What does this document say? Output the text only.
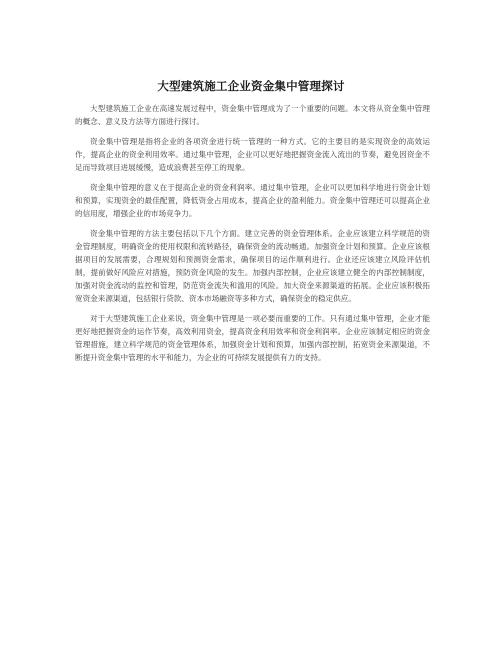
大型建筑施工企业资金集中管理探讨

大型建筑施工企业在高速发展过程中，资金集中管理成为了一个重要的问题。本文将从资金集中管理的概念、意义及方法等方面进行探讨。

资金集中管理是指将企业的各项资金进行统一管理的一种方式。它的主要目的是实现资金的高效运作，提高企业的资金利用效率。通过集中管理，企业可以更好地把握资金流入流出的节奏，避免因资金不足而导致项目进展缓慢，造成浪费甚至停工的现象。

资金集中管理的意义在于提高企业的资金利润率。通过集中管理，企业可以更加科学地进行资金计划和预算，实现资金的最佳配置，降低资金占用成本，提高企业的盈利能力。资金集中管理还可以提高企业的信用度，增强企业的市场竞争力。

资金集中管理的方法主要包括以下几个方面。建立完善的资金管理体系。企业应该建立科学规范的资金管理制度，明确资金的使用权限和流转路径，确保资金的流动畅通。加强资金计划和预算。企业应该根据项目的发展需要，合理规划和预测资金需求，确保项目的运作顺利进行。企业还应该建立风险评估机制，提前做好风险应对措施，预防资金风险的发生。加强内部控制，企业应该建立健全的内部控制制度，加强对资金流动的监控和管理，防范资金流失和滥用的风险。加大资金来源渠道的拓展。企业应该积极拓宽资金来源渠道，包括银行贷款、资本市场融资等多种方式，确保资金的稳定供应。

对于大型建筑施工企业来说，资金集中管理是一项必要而重要的工作。只有通过集中管理，企业才能更好地把握资金的运作节奏，高效利用资金，提高资金利用效率和资金利润率。企业应该制定相应的资金管理措施，建立科学规范的资金管理体系，加强资金计划和预算，加强内部控制，拓宽资金来源渠道，不断提升资金集中管理的水平和能力，为企业的可持续发展提供有力的支持。
